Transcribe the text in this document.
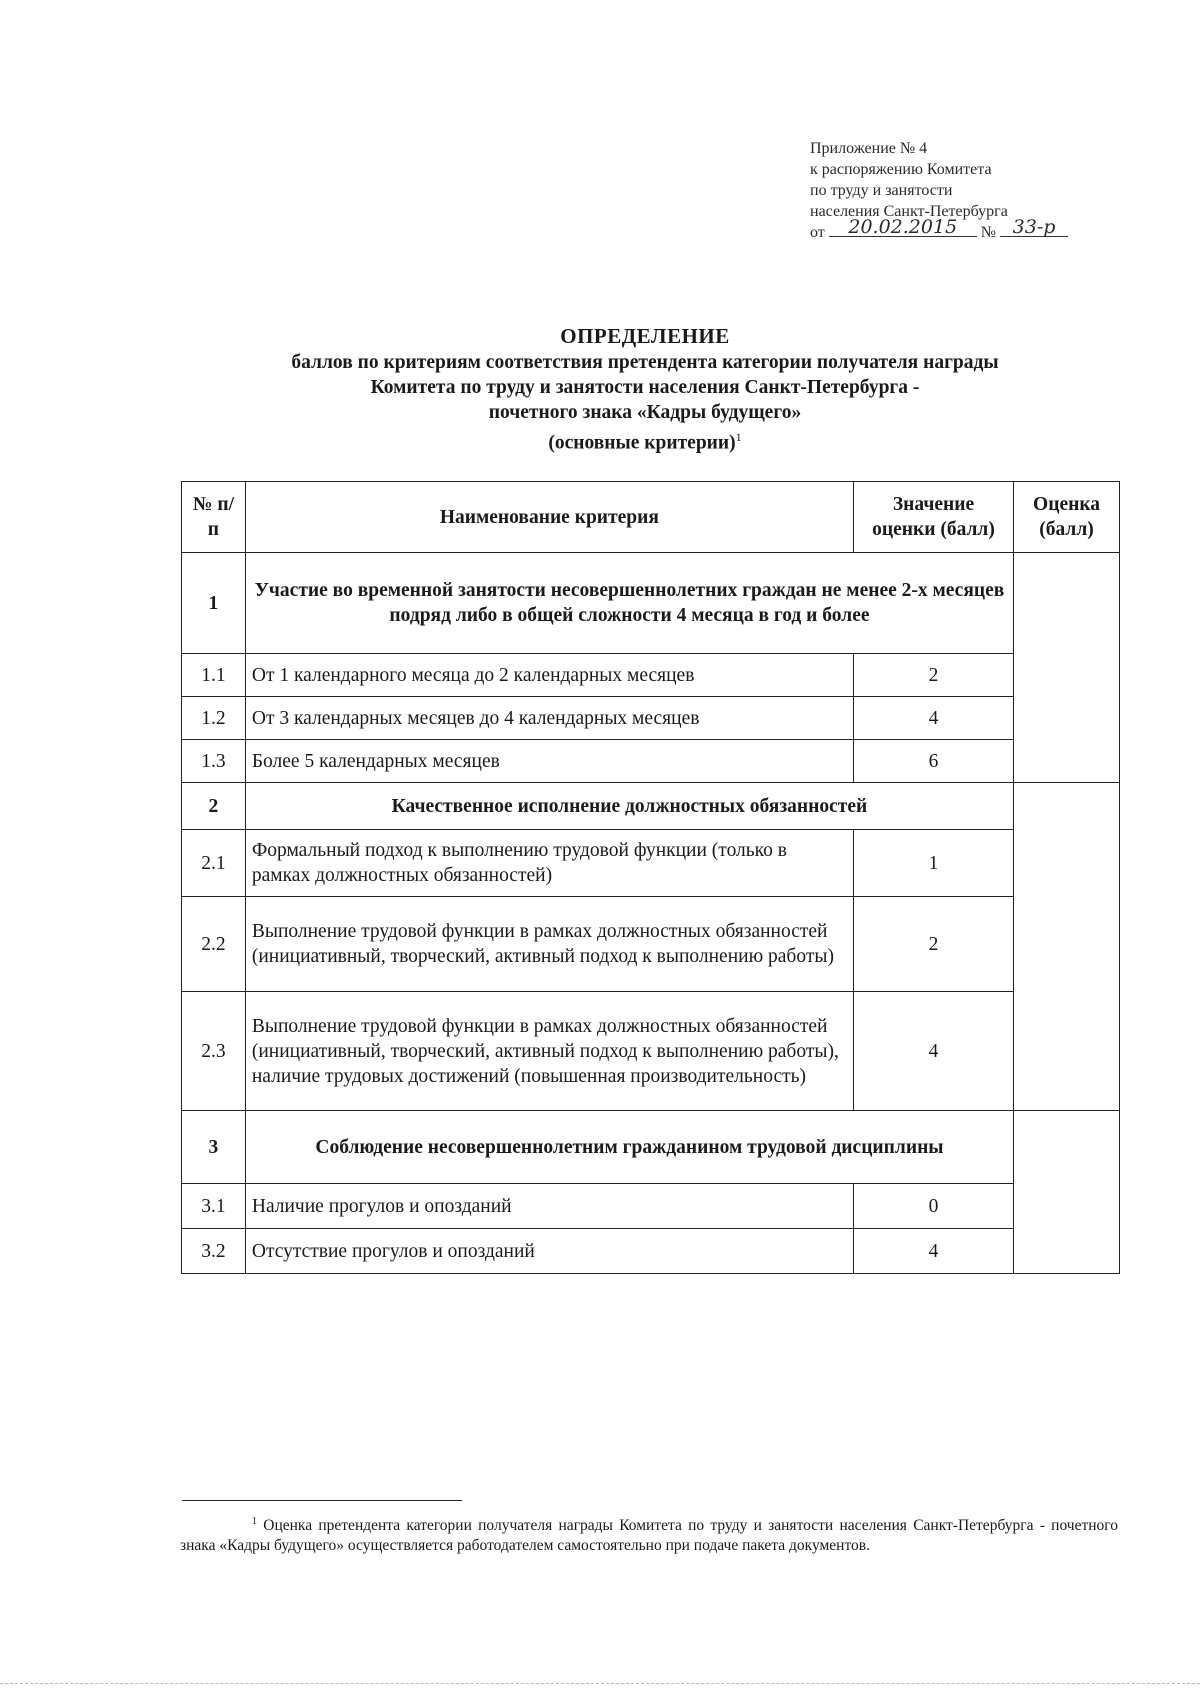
Приложение № 4
к распоряжению Комитета
по труду и занятости
населения Санкт-Петербурга
от 20.02.2015 № 33-р
ОПРЕДЕЛЕНИЕ
баллов по критериям соответствия претендента категории получателя награды
Комитета по труду и занятости населения Санкт-Петербурга -
почетного знака «Кадры будущего»
(основные критерии)$^1$
№ п/п	Наименование критерия	Значение оценки (балл)	Оценка (балл)
1	Участие во временной занятости несовершеннолетних граждан не менее 2-х месяцев подряд либо в общей сложности 4 месяца в год и более		
1.1	От 1 календарного месяца до 2 календарных месяцев	2	
1.2	От 3 календарных месяцев до 4 календарных месяцев	4	
1.3	Более 5 календарных месяцев	6	
2	Качественное исполнение должностных обязанностей		
2.1	Формальный подход к выполнению трудовой функции (только в рамках должностных обязанностей)	1	
2.2	Выполнение трудовой функции в рамках должностных обязанностей (инициативный, творческий, активный подход к выполнению работы)	2	
2.3	Выполнение трудовой функции в рамках должностных обязанностей (инициативный, творческий, активный подход к выполнению работы), наличие трудовых достижений (повышенная производительность)	4	
3	Соблюдение несовершеннолетним гражданином трудовой дисциплины		
3.1	Наличие прогулов и опозданий	0	
3.2	Отсутствие прогулов и опозданий	4	
$^1$ Оценка претендента категории получателя награды Комитета по труду и занятости населения Санкт-Петербурга - почетного знака «Кадры будущего» осуществляется работодателем самостоятельно при подаче пакета документов.
